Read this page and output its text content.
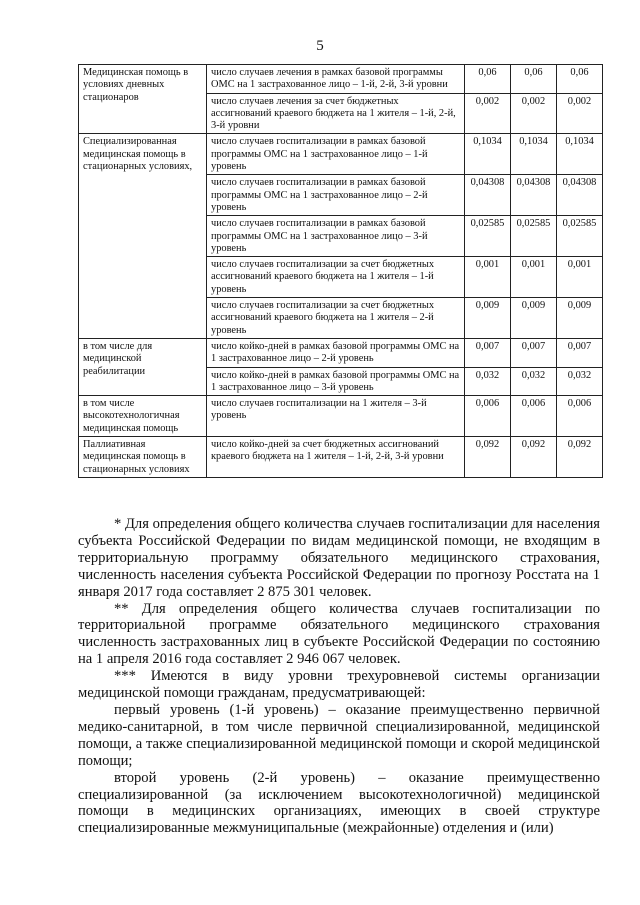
5
Медицинская помощь в условиях дневных стационаров	число случаев лечения в рамках базовой программы ОМС на 1 застрахованное лицо – 1-й, 2-й, 3-й уровни	0,06	0,06	0,06
	число случаев лечения за счет бюджетных ассигнований краевого бюджета на 1 жителя – 1-й, 2-й, 3-й уровни	0,002	0,002	0,002
Специализированная медицинская помощь в стационарных условиях,	число случаев госпитализации в рамках базовой программы ОМС на 1 застрахованное лицо – 1-й уровень	0,1034	0,1034	0,1034
	число случаев госпитализации в рамках базовой программы ОМС на 1 застрахованное лицо – 2-й уровень	0,04308	0,04308	0,04308
	число случаев госпитализации в рамках базовой программы ОМС на 1 застрахованное лицо – 3-й уровень	0,02585	0,02585	0,02585
	число случаев госпитализации за счет бюджетных ассигнований краевого бюджета на 1 жителя – 1-й уровень	0,001	0,001	0,001
	число случаев госпитализации за счет бюджетных ассигнований краевого бюджета на 1 жителя – 2-й уровень	0,009	0,009	0,009
в том числе для медицинской реабилитации	число койко-дней в рамках базовой программы ОМС на 1 застрахованное лицо – 2-й уровень	0,007	0,007	0,007
	число койко-дней в рамках базовой программы ОМС на 1 застрахованное лицо – 3-й уровень	0,032	0,032	0,032
в том числе высокотехнологичная медицинская помощь	число случаев госпитализации на 1 жителя – 3-й уровень	0,006	0,006	0,006
Паллиативная медицинская помощь в стационарных условиях	число койко-дней за счет бюджетных ассигнований краевого бюджета на 1 жителя – 1-й, 2-й, 3-й уровни	0,092	0,092	0,092

* Для определения общего количества случаев госпитализации для населения субъекта Российской Федерации по видам медицинской помощи, не входящим в территориальную программу обязательного медицинского страхования, численность населения субъекта Российской Федерации по прогнозу Росстата на 1 января 2017 года составляет 2 875 301 человек.

** Для определения общего количества случаев госпитализации по территориальной программе обязательного медицинского страхования численность застрахованных лиц в субъекте Российской Федерации по состоянию на 1 апреля 2016 года составляет 2 946 067 человек.

*** Имеются в виду уровни трехуровневой системы организации медицинской помощи гражданам, предусматривающей:

первый уровень (1-й уровень) – оказание преимущественно первичной медико-санитарной, в том числе первичной специализированной, медицинской помощи, а также специализированной медицинской помощи и скорой медицинской помощи;

второй уровень (2-й уровень) – оказание преимущественно специализированной (за исключением высокотехнологичной) медицинской помощи в медицинских организациях, имеющих в своей структуре специализированные межмуниципальные (межрайонные) отделения и (или)
